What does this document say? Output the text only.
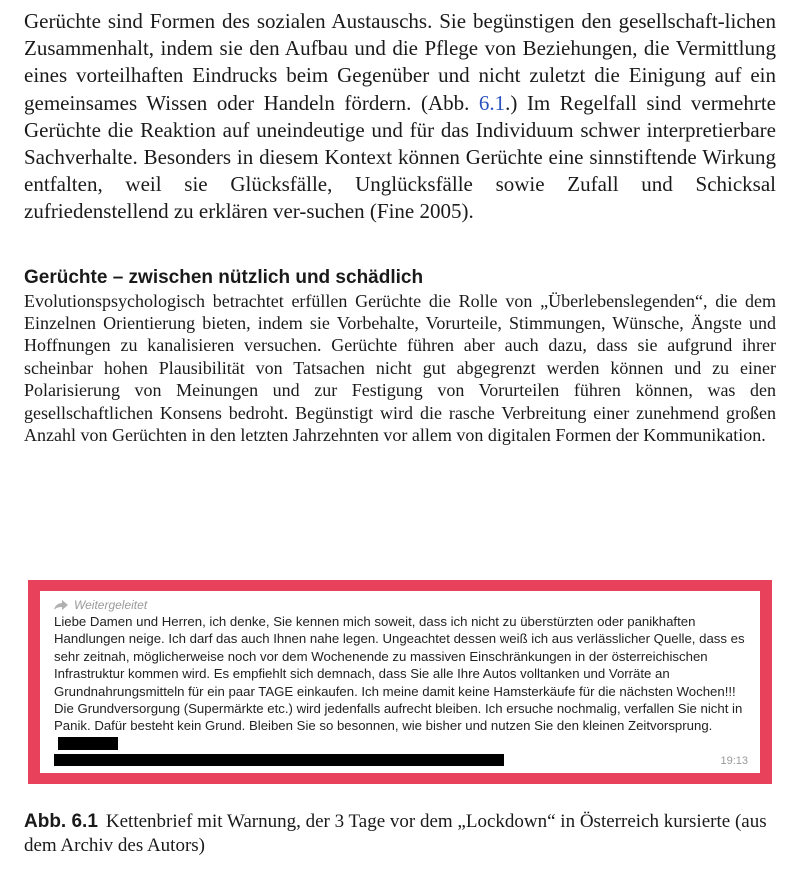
Gerüchte sind Formen des sozialen Austauschs. Sie begünstigen den gesellschaft-lichen Zusammenhalt, indem sie den Aufbau und die Pflege von Beziehungen, die Vermittlung eines vorteilhaften Eindrucks beim Gegenüber und nicht zuletzt die Einigung auf ein gemeinsames Wissen oder Handeln fördern. (Abb. 6.1.) Im Regelfall sind vermehrte Gerüchte die Reaktion auf uneindeutige und für das Individuum schwer interpretierbare Sachverhalte. Besonders in diesem Kontext können Gerüchte eine sinnstiftende Wirkung entfalten, weil sie Glücksfälle, Unglücksfälle sowie Zufall und Schicksal zufriedenstellend zu erklären ver-suchen (Fine 2005).

Gerüchte – zwischen nützlich und schädlich

Evolutionspsychologisch betrachtet erfüllen Gerüchte die Rolle von „Überlebenslegenden“, die dem Einzelnen Orientierung bieten, indem sie Vorbehalte, Vorurteile, Stimmungen, Wünsche, Ängste und Hoffnungen zu kanalisieren versuchen. Gerüchte führen aber auch dazu, dass sie aufgrund ihrer scheinbar hohen Plausibilität von Tatsachen nicht gut abgegrenzt werden können und zu einer Polarisierung von Meinungen und zur Festigung von Vorurteilen führen können, was den gesellschaftlichen Konsens bedroht. Begünstigt wird die rasche Verbreitung einer zunehmend großen Anzahl von Gerüchten in den letzten Jahrzehnten vor allem von digitalen Formen der Kommunikation.

Weitergeleitet

Liebe Damen und Herren, ich denke, Sie kennen mich soweit, dass ich nicht zu überstürzten oder panikhaften Handlungen neige. Ich darf das auch Ihnen nahe legen. Ungeachtet dessen weiß ich aus verlässlicher Quelle, dass es sehr zeitnah, möglicherweise noch vor dem Wochenende zu massiven Einschränkungen in der österreichischen Infrastruktur kommen wird. Es empfiehlt sich demnach, dass Sie alle Ihre Autos volltanken und Vorräte an Grundnahrungsmitteln für ein paar TAGE einkaufen. Ich meine damit keine Hamsterkäufe für die nächsten Wochen!!! Die Grundversorgung (Supermärkte etc.) wird jedenfalls aufrecht bleiben. Ich ersuche nochmalig, verfallen Sie nicht in Panik. Dafür besteht kein Grund. Bleiben Sie so besonnen, wie bisher und nutzen Sie den kleinen Zeitvorsprung.

19:13

Abb. 6.1 Kettenbrief mit Warnung, der 3 Tage vor dem „Lockdown“ in Österreich kursierte (aus dem Archiv des Autors)
